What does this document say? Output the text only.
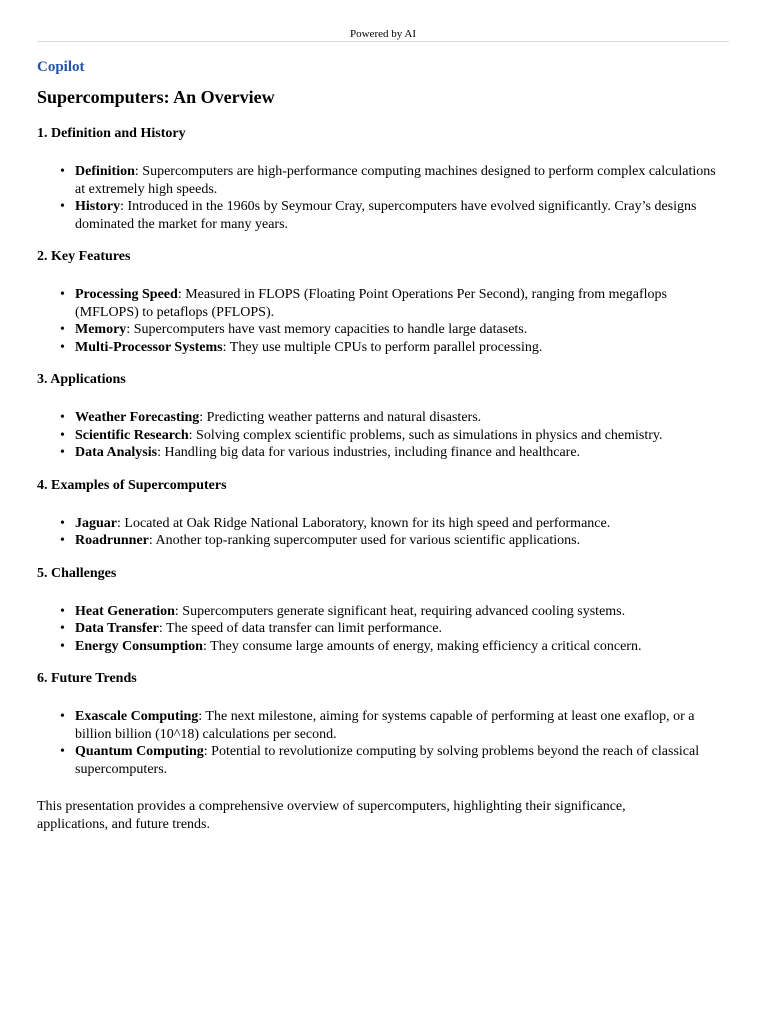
Powered by AI
Copilot
Supercomputers: An Overview
1. Definition and History
• Definition: Supercomputers are high-performance computing machines designed to perform complex calculations at extremely high speeds.
• History: Introduced in the 1960s by Seymour Cray, supercomputers have evolved significantly. Cray’s designs dominated the market for many years.
2. Key Features
• Processing Speed: Measured in FLOPS (Floating Point Operations Per Second), ranging from megaflops (MFLOPS) to petaflops (PFLOPS).
• Memory: Supercomputers have vast memory capacities to handle large datasets.
• Multi-Processor Systems: They use multiple CPUs to perform parallel processing.
3. Applications
• Weather Forecasting: Predicting weather patterns and natural disasters.
• Scientific Research: Solving complex scientific problems, such as simulations in physics and chemistry.
• Data Analysis: Handling big data for various industries, including finance and healthcare.
4. Examples of Supercomputers
• Jaguar: Located at Oak Ridge National Laboratory, known for its high speed and performance.
• Roadrunner: Another top-ranking supercomputer used for various scientific applications.
5. Challenges
• Heat Generation: Supercomputers generate significant heat, requiring advanced cooling systems.
• Data Transfer: The speed of data transfer can limit performance.
• Energy Consumption: They consume large amounts of energy, making efficiency a critical concern.
6. Future Trends
• Exascale Computing: The next milestone, aiming for systems capable of performing at least one exaflop, or a billion billion (10^18) calculations per second.
• Quantum Computing: Potential to revolutionize computing by solving problems beyond the reach of classical supercomputers.
This presentation provides a comprehensive overview of supercomputers, highlighting their significance, applications, and future trends.
